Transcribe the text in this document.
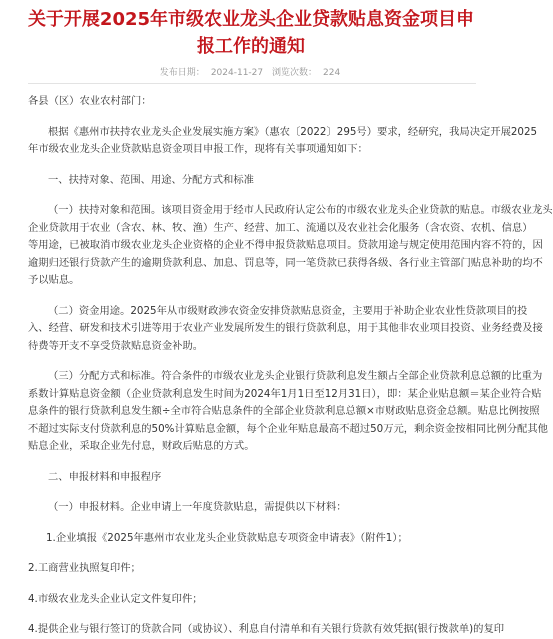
关于开展2025年市级农业龙头企业贷款贴息资金项目申
报工作的通知
发布日期： 2024-11-27 浏览次数： 224

各县（区）农业农村部门：

根据《惠州市扶持农业龙头企业发展实施方案》（惠农〔2022〕295号）要求，经研究，我局决定开展2025

年市级农业龙头企业贷款贴息资金项目申报工作，现将有关事项通知如下：

一、扶持对象、范围、用途、分配方式和标准

（一）扶持对象和范围。该项目资金用于经市人民政府认定公布的市级农业龙头企业贷款的贴息。市级农业龙头

企业贷款用于农业（含农、林、牧、渔）生产、经营、加工、流通以及农业社会化服务（含农资、农机、信息）

等用途，已被取消市级农业龙头企业资格的企业不得申报贷款贴息项目。贷款用途与规定使用范围内容不符的，因

逾期归还银行贷款产生的逾期贷款利息、加息、罚息等，同一笔贷款已获得各级、各行业主管部门贴息补助的均不

予以贴息。

（二）资金用途。2025年从市级财政涉农资金安排贷款贴息资金，主要用于补助企业农业性贷款项目的投

入、经营、研发和技术引进等用于农业产业发展所发生的银行贷款利息，用于其他非农业项目投资、业务经费及接

待费等开支不享受贷款贴息资金补助。

（三）分配方式和标准。符合条件的市级农业龙头企业银行贷款利息发生额占全部企业贷款利息总额的比重为

系数计算贴息资金额（企业贷款利息发生时间为2024年1月1日至12月31日），即：某企业贴息额＝某企业符合贴

息条件的银行贷款利息发生额÷全市符合贴息条件的全部企业贷款利息总额×市财政贴息资金总额。贴息比例按照

不超过实际支付贷款利息的50%计算贴息金额，每个企业年贴息最高不超过50万元，剩余资金按相同比例分配其他

贴息企业，采取企业先付息，财政后贴息的方式。

二、申报材料和申报程序

（一）申报材料。企业申请上一年度贷款贴息，需提供以下材料：

1.企业填报《2025年惠州市农业龙头企业贷款贴息专项资金申请表》（附件1）；

2.工商营业执照复印件；

4.市级农业龙头企业认定文件复印件；

4.提供企业与银行签订的贷款合同（或协议）、利息自付清单和有关银行贷款有效凭据(银行拨款单)的复印
